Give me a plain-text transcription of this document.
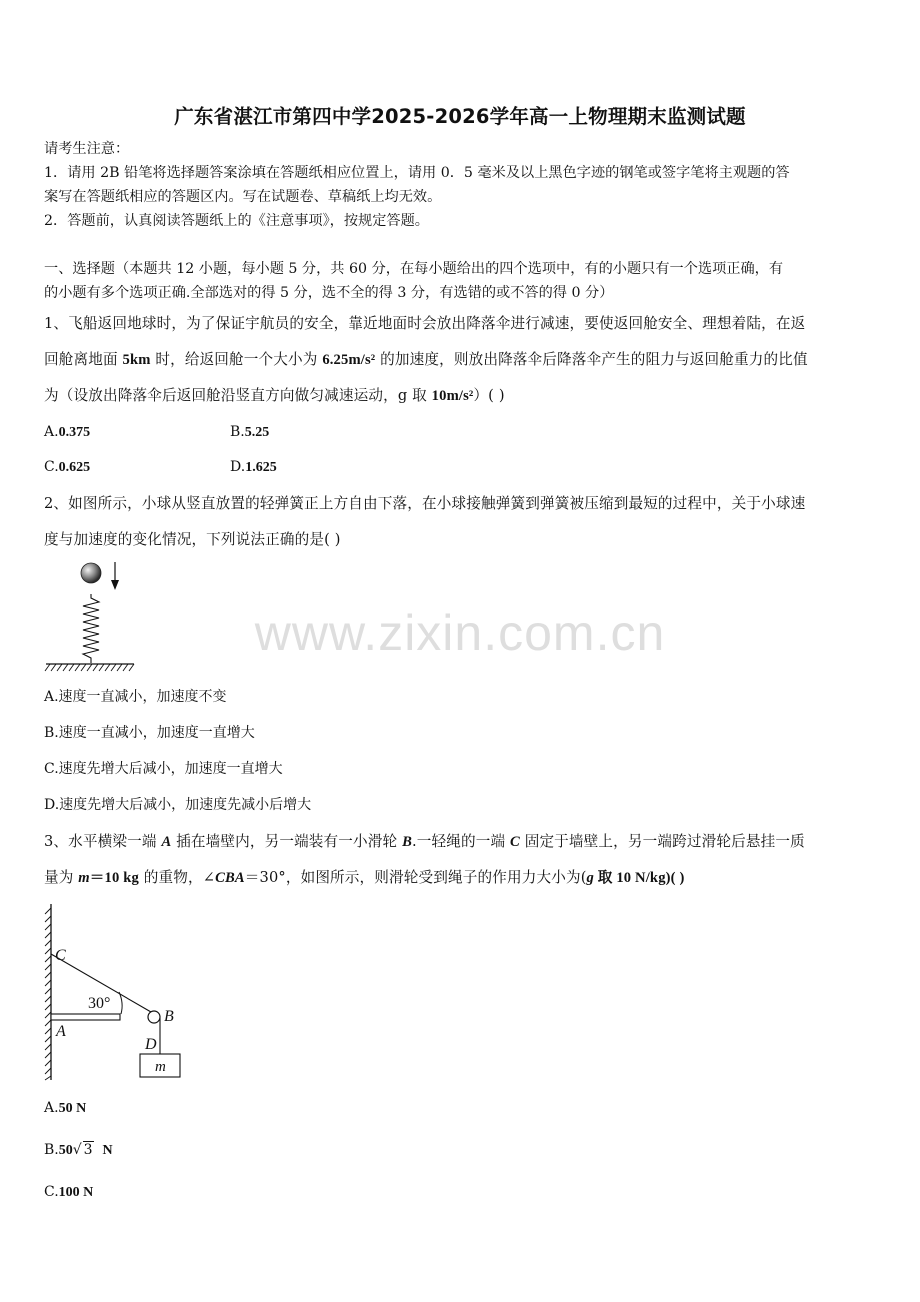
广东省湛江市第四中学2025-2026学年高一上物理期末监测试题
www.zixin.com.cn
请考生注意：
1．请用 2B 铅笔将选择题答案涂填在答题纸相应位置上，请用 0．5 毫米及以上黑色字迹的钢笔或签字笔将主观题的答
案写在答题纸相应的答题区内。写在试题卷、草稿纸上均无效。
2．答题前，认真阅读答题纸上的《注意事项》，按规定答题。
一、选择题（本题共 12 小题，每小题 5 分，共 60 分，在每小题给出的四个选项中，有的小题只有一个选项正确，有
的小题有多个选项正确.全部选对的得 5 分，选不全的得 3 分，有选错的或不答的得 0 分）
1、飞船返回地球时，为了保证宇航员的安全，靠近地面时会放出降落伞进行减速，要使返回舱安全、理想着陆，在返
回舱离地面 5km 时，给返回舱一个大小为 6.25m/s² 的加速度，则放出降落伞后降落伞产生的阻力与返回舱重力的比值
为（设放出降落伞后返回舱沿竖直方向做匀减速运动，g 取 10m/s²）( )
A.0.375	B.5.25
C.0.625	D.1.625
2、如图所示，小球从竖直放置的轻弹簧正上方自由下落，在小球接触弹簧到弹簧被压缩到最短的过程中，关于小球速
度与加速度的变化情况，下列说法正确的是( )
A.速度一直减小，加速度不变
B.速度一直减小，加速度一直增大
C.速度先增大后减小，加速度一直增大
D.速度先增大后减小，加速度先减小后增大
3、水平横梁一端 A 插在墙壁内，另一端装有一小滑轮 B.一轻绳的一端 C 固定于墙壁上，另一端跨过滑轮后悬挂一质
量为 m＝10 kg 的重物，∠CBA＝30°，如图所示，则滑轮受到绳子的作用力大小为(g 取 10 N/kg)( )
C
30°
A
B
D
m
A.50 N
B.50√ 3 N
C.100 N
